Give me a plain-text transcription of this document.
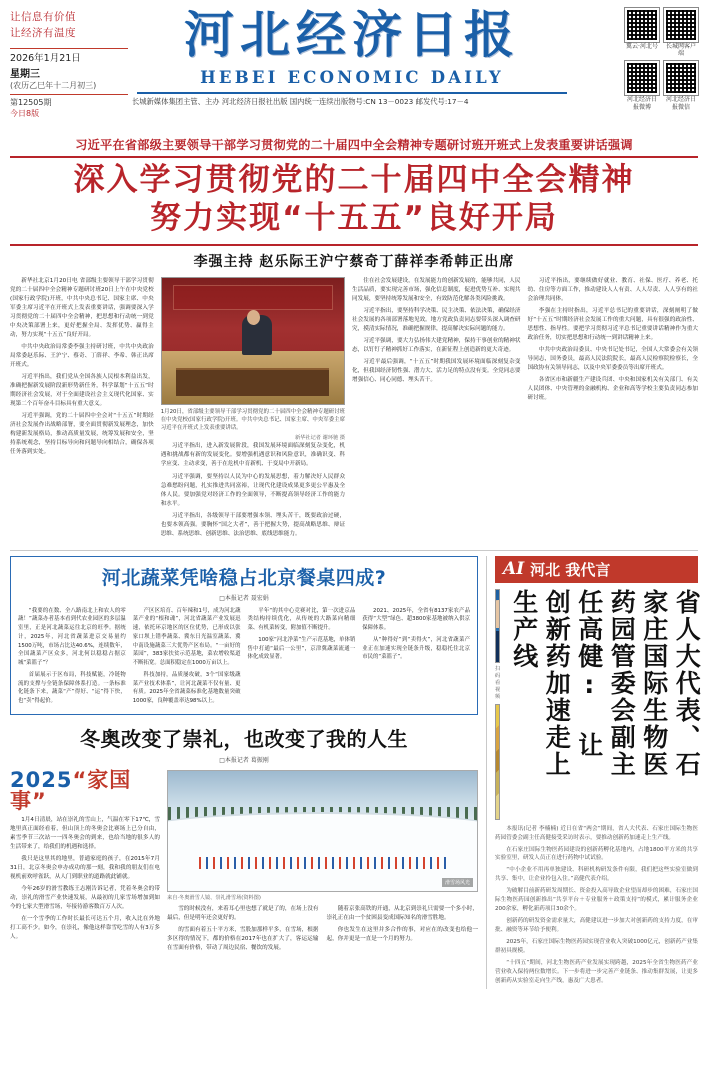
让信息有价值
让经济有温度
2026年1月21日
星期三
(农历乙巳年十二月初三)
第12505期
今日8版
河北经济日报
HEBEI ECONOMIC DAILY
长城新媒体集团主管、主办 河北经济日报社出版 国内统一连续出版物号:CN 13－0023 邮发代号:17－4
冀云·河北号	长城网客户端
河北经济日报微博
河北经济日报微信
习近平在省部级主要领导干部学习贯彻党的二十届四中全会精神专题研讨班开班式上发表重要讲话强调
深入学习贯彻党的二十届四中全会精神
努力实现“十五五”良好开局
李强主持 赵乐际王沪宁蔡奇丁薛祥李希韩正出席

新华社北京1月20日电 省部级主要领导干部学习贯彻党的二十届四中全会精神专题研讨班20日上午在中央党校(国家行政学院)开班，中共中央总书记、国家主席、中央军委主席习近平在开班式上发表重要讲话，强调要深入学习贯彻党的二十届四中全会精神，把思想和行动统一到党中央决策部署上来，更好把握全局、发挥优势、赢得主动，努力实现“十五五”良好开局。

中共中央政治局常委李强主持研讨班，中共中央政治局常委赵乐际、王沪宁、蔡奇、丁薛祥、李希、韩正出席开班式。

习近平指出，我们党从全国各族人民根本利益出发，准确把握新发展阶段新形势新任务，科学谋划“十五五”时期经济社会发展，对于全面建设社会主义现代化国家、实现第二个百年奋斗目标具有重大意义。

习近平强调，党的二十届四中全会对“十五五”时期经济社会发展作出战略部署，要全面贯彻新发展理念，加快构建新发展格局，推动高质量发展，统筹发展和安全，坚持系统观念，坚持目标导向和问题导向相结合，确保各项任务落到实处。

1月20日，省部级主要领导干部学习贯彻党的二十届四中全会精神专题研讨班在中央党校(国家行政学院)开班。中共中央总书记、国家主席、中央军委主席习近平在开班式上发表重要讲话。
新华社记者 谢环驰 摄

习近平指出，进入新发展阶段，我国发展环境面临深刻复杂变化，机遇和挑战都有新的发展变化。要增强机遇意识和风险意识，准确识变、科学应变、主动求变，善于在危机中育新机、于变局中开新局。

习近平强调，要坚持以人民为中心的发展思想，着力解决好人民群众急难愁盼问题，扎实推进共同富裕，让现代化建设成果更多更公平惠及全体人民。要加强党对经济工作的全面领导，不断提高领导经济工作的能力和水平。

习近平指出，各级领导干部要增强本领、埋头苦干，既要政治过硬，也要本领高强。要胸怀“国之大者”，善于把握大势，提高战略思维、辩证思维、系统思维、创新思维、法治思维、底线思维能力。

住在社会发展建设，在发展能力的创新发展的，能够共同，人民生活品质，要实现完善市场，强化信息制度，促进优势互补、实现共同发展，要坚持统筹发展和安全，有效防范化解各类风险挑战。

习近平指出，要坚持科学决策、民主决策、依法决策，确保经济社会发展的各项部署落地见效。地方党政负责同志要带头深入调查研究，摸清实际情况，准确把握规律，提高解决实际问题的能力。

习近平强调，要大力弘扬伟大建党精神，保持干事创业的精神状态，以钉钉子精神抓好工作落实，在新征程上创造新的更大奇迹。

习近平最后强调，“十五五”时期我国发展环境面临深刻复杂变化，但我国经济韧性强、潜力大、活力足的特点没有变。全党同志要增强信心、同心同德、埋头苦干。

习近平指出，要继续做好就业、教育、社保、医疗、养老、托幼、住房等方面工作，推动建设人人有责、人人尽责、人人享有的社会治理共同体。

李强在主持时指出，习近平总书记的重要讲话，深刻阐明了做好“十五五”时期经济社会发展工作的重大问题，具有很强的政治性、思想性、指导性。要把学习贯彻习近平总书记重要讲话精神作为重大政治任务，切实把思想和行动统一到讲话精神上来。

中共中央政治局委员、中央书记处书记，全国人大常委会有关领导同志，国务委员，最高人民法院院长，最高人民检察院检察长，全国政协有关领导同志，以及中央军委委员等出席开班式。

各省区市和新疆生产建设兵团、中央和国家机关有关部门、有关人民团体、中央管理的金融机构、企业和高等学校主要负责同志参加研讨班。

河北蔬菜凭啥稳占北京餐桌四成?
□本报记者 聂宏娟

“我要的在数、全八路南北上和农人的零蔬！”蔬菜办者基本看到代农业园区的多层温室里，正是河北蔬菜运往北京的旺季。据统计，2025年，河北省蔬菜进京交易量约1500万吨，市场占比达40.6%，连续数年，全国蔬菜产区众多，河北何以稳稳占据京城“菜篮子”？

首届展示于区布局，科技赋能，冷链物流的支撑与全链条保障体系打造。一条标准化链条下来，蔬菜“产”得好、“运”得下快，也“卖”得起价。

产区区培育、百年辣和1号，成为河北蔬菜产业的“根和魂”，河北省蔬菜产业发展迅速，依托环京地区的区位优势，已形成以张家口坝上错季蔬菜、冀东日光温室蔬菜、冀中南设施蔬菜三大优势产区布局。“一亩好的菜园”，383家扶贫示范基地，菜农增收渠道不断拓宽。总面积稳定在1000万亩以上。

科技加持，品质屡攻破，3个“国家级蔬菜产业技术体系”，让河北蔬菜不仅有量、更有质。2025年全省蔬菜标准化基地数量突破1000家，良种覆盖率达98%以上。

平年“的其中心竞赛对比，第一次进京品类结构持续优化，从传统的大路菜向精细菜、有机菜转变，附加值不断提升。

100家“河北净菜”生产示范基地，单体销售中打通“最后一公里”，京津冀蔬菜流通一体化成效显著。

2021、2025年，全省有8137家农产品获得“大型”绿色、超3800家基地被纳入供京保障体系。

从“种得好”到“卖得火”，河北省蔬菜产业正在加速实现全链条升级，稳稳托住北京市民的“菜篮子”。

冬奥改变了崇礼，也改变了我的人生
□本报记者 葛振刚
2025“家国事”

1月4日清晨，站在崇礼的雪山上，气温在零下17℃，雪地里真正面经看着，但山顶上的冬奥会比赛场上已分自由，素雪季节三次站一一四冬奥会的到来，也给当地的很多人的生活带来了，给我们的机遇和选择。

我只是这里其的地里，普通家庭的孩子，在2015年7月31日，北京冬奥会申办成功的那一刻，我和我的朋友们在电视机前欢呼雀跃，从人门到职业的道路就此铺就。

今年26岁的滑雪教练王志刚告诉记者，凭着冬奥会的带动，崇礼的滑雪产业快速发展，从最初的几家雪场增加到如今的七家大型滑雪场，年接待游客数百万人次。

在一个雪季的工作时长最长可达五个月，收入比在外地打工高不少。如今，在崇礼，像他这样靠雪吃雪的人有3万多人。

滑雪场风光
来自·冬奥滑雪人镜、崇礼滑雪场(资料图)

雪的时候没有，来着耳心里也想了就是了的，在场上没有最后，但是明年还会更好的。

的雪面有着五十平方米，雪股加那样平多，在雪场，根据多区得的情况下，都的价格在2017年也在扩大了，客运运输在雪面有价格，带动了周边民宿、餐饮的发展。

随着京张高铁的开通，从北京到崇礼只需要一个多小时，崇礼正在由一个贫困县变成国际知名的滑雪胜地。

你也发生在这里并多合作的事，对应在的改变也给他一起，你并更是一直是一个月的努力。

AI 河北 我代言
扫码看视频	省人大代表、石家庄国际生物医药园管委会副主任高健: 让创新药加速走上生产线

本报讯(记者 李楠楠) 近日在省“两会”期间，省人大代表、石家庄国际生物医药园管委会副主任高健接受采访时表示，要推动创新药加速走上生产线。

在石家庄国际生物医药园建设的创新药孵化基地内，占地1800平方米的共享实验室里，研发人员正在进行药物中试试验。

“中小企业不用再单独建设、科研机构研发条件有限，我们把这些实验室做到共享、集中，让企业拎包入住。”高健代表介绍。

为破解目前新药研发周期长、资金投入高导致企业望而却步的困难，石家庄国际生物医药园创新推出“共享平台＋专业服务＋政策支持”的模式，累计服务企业200余家，孵化新药项目30余个。

创新药的研发资金需求量大，高健建议进一步加大对创新药的支持力度，在审批、融资等环节给予便利。

2025年，石家庄国际生物医药园实现营业收入突破1000亿元，创新药产业集群初具规模。

“十四五”期间，河北生物医药产业发展实现跨越，2025年全省生物医药产业营业收入保持两位数增长。下一步将进一步完善产业链条、推动集群发展，让更多创新药从实验室走向生产线，惠及广大患者。
